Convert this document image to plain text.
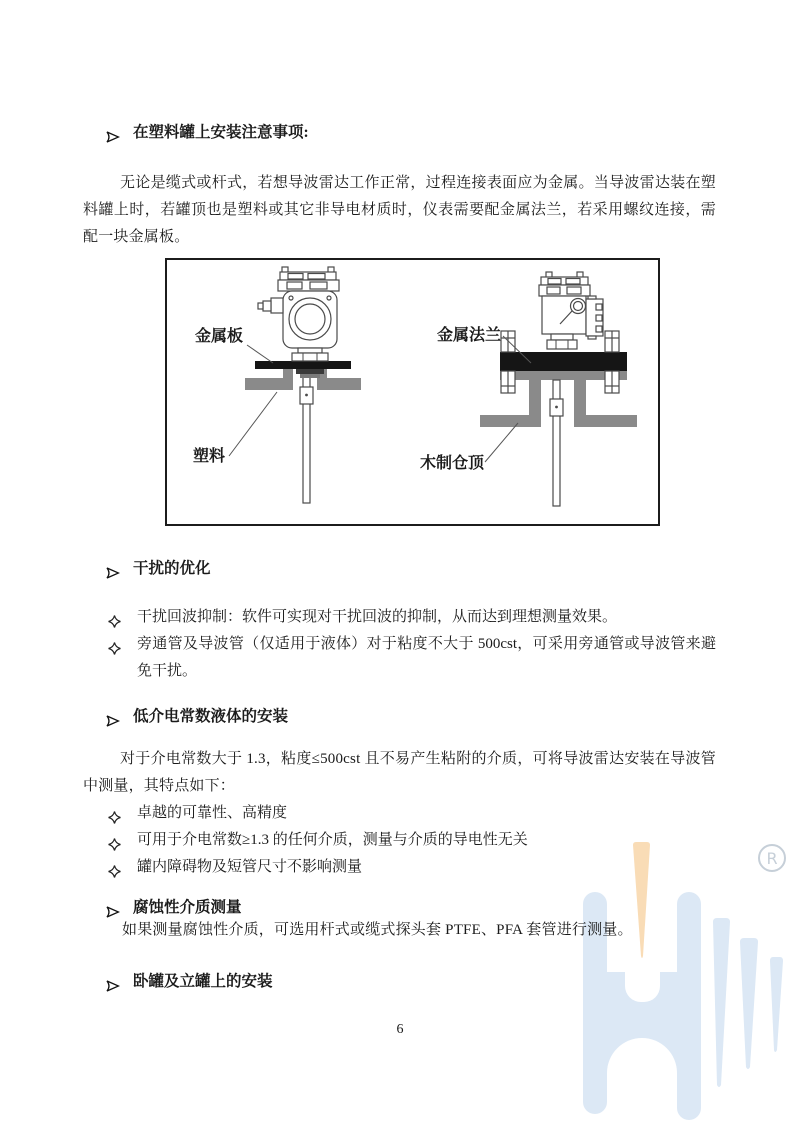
R
在塑料罐上安装注意事项:
无论是缆式或杆式，若想导波雷达工作正常，过程连接表面应为金属。当导波雷达装在塑料罐上时，若罐顶也是塑料或其它非导电材质时，仪表需要配金属法兰，若采用螺纹连接，需配一块金属板。
金属板
塑料
金属法兰
木制仓顶
干扰的优化
干扰回波抑制：软件可实现对干扰回波的抑制，从而达到理想测量效果。
旁通管及导波管（仅适用于液体）对于粘度不大于 500cst，可采用旁通管或导波管来避免干扰。
低介电常数液体的安装
对于介电常数大于 1.3，粘度≤500cst 且不易产生粘附的介质，可将导波雷达安装在导波管中测量，其特点如下：
卓越的可靠性、高精度
可用于介电常数≥1.3 的任何介质，测量与介质的导电性无关
罐内障碍物及短管尺寸不影响测量
腐蚀性介质测量
如果测量腐蚀性介质，可选用杆式或缆式探头套 PTFE、PFA 套管进行测量。
卧罐及立罐上的安装
6
